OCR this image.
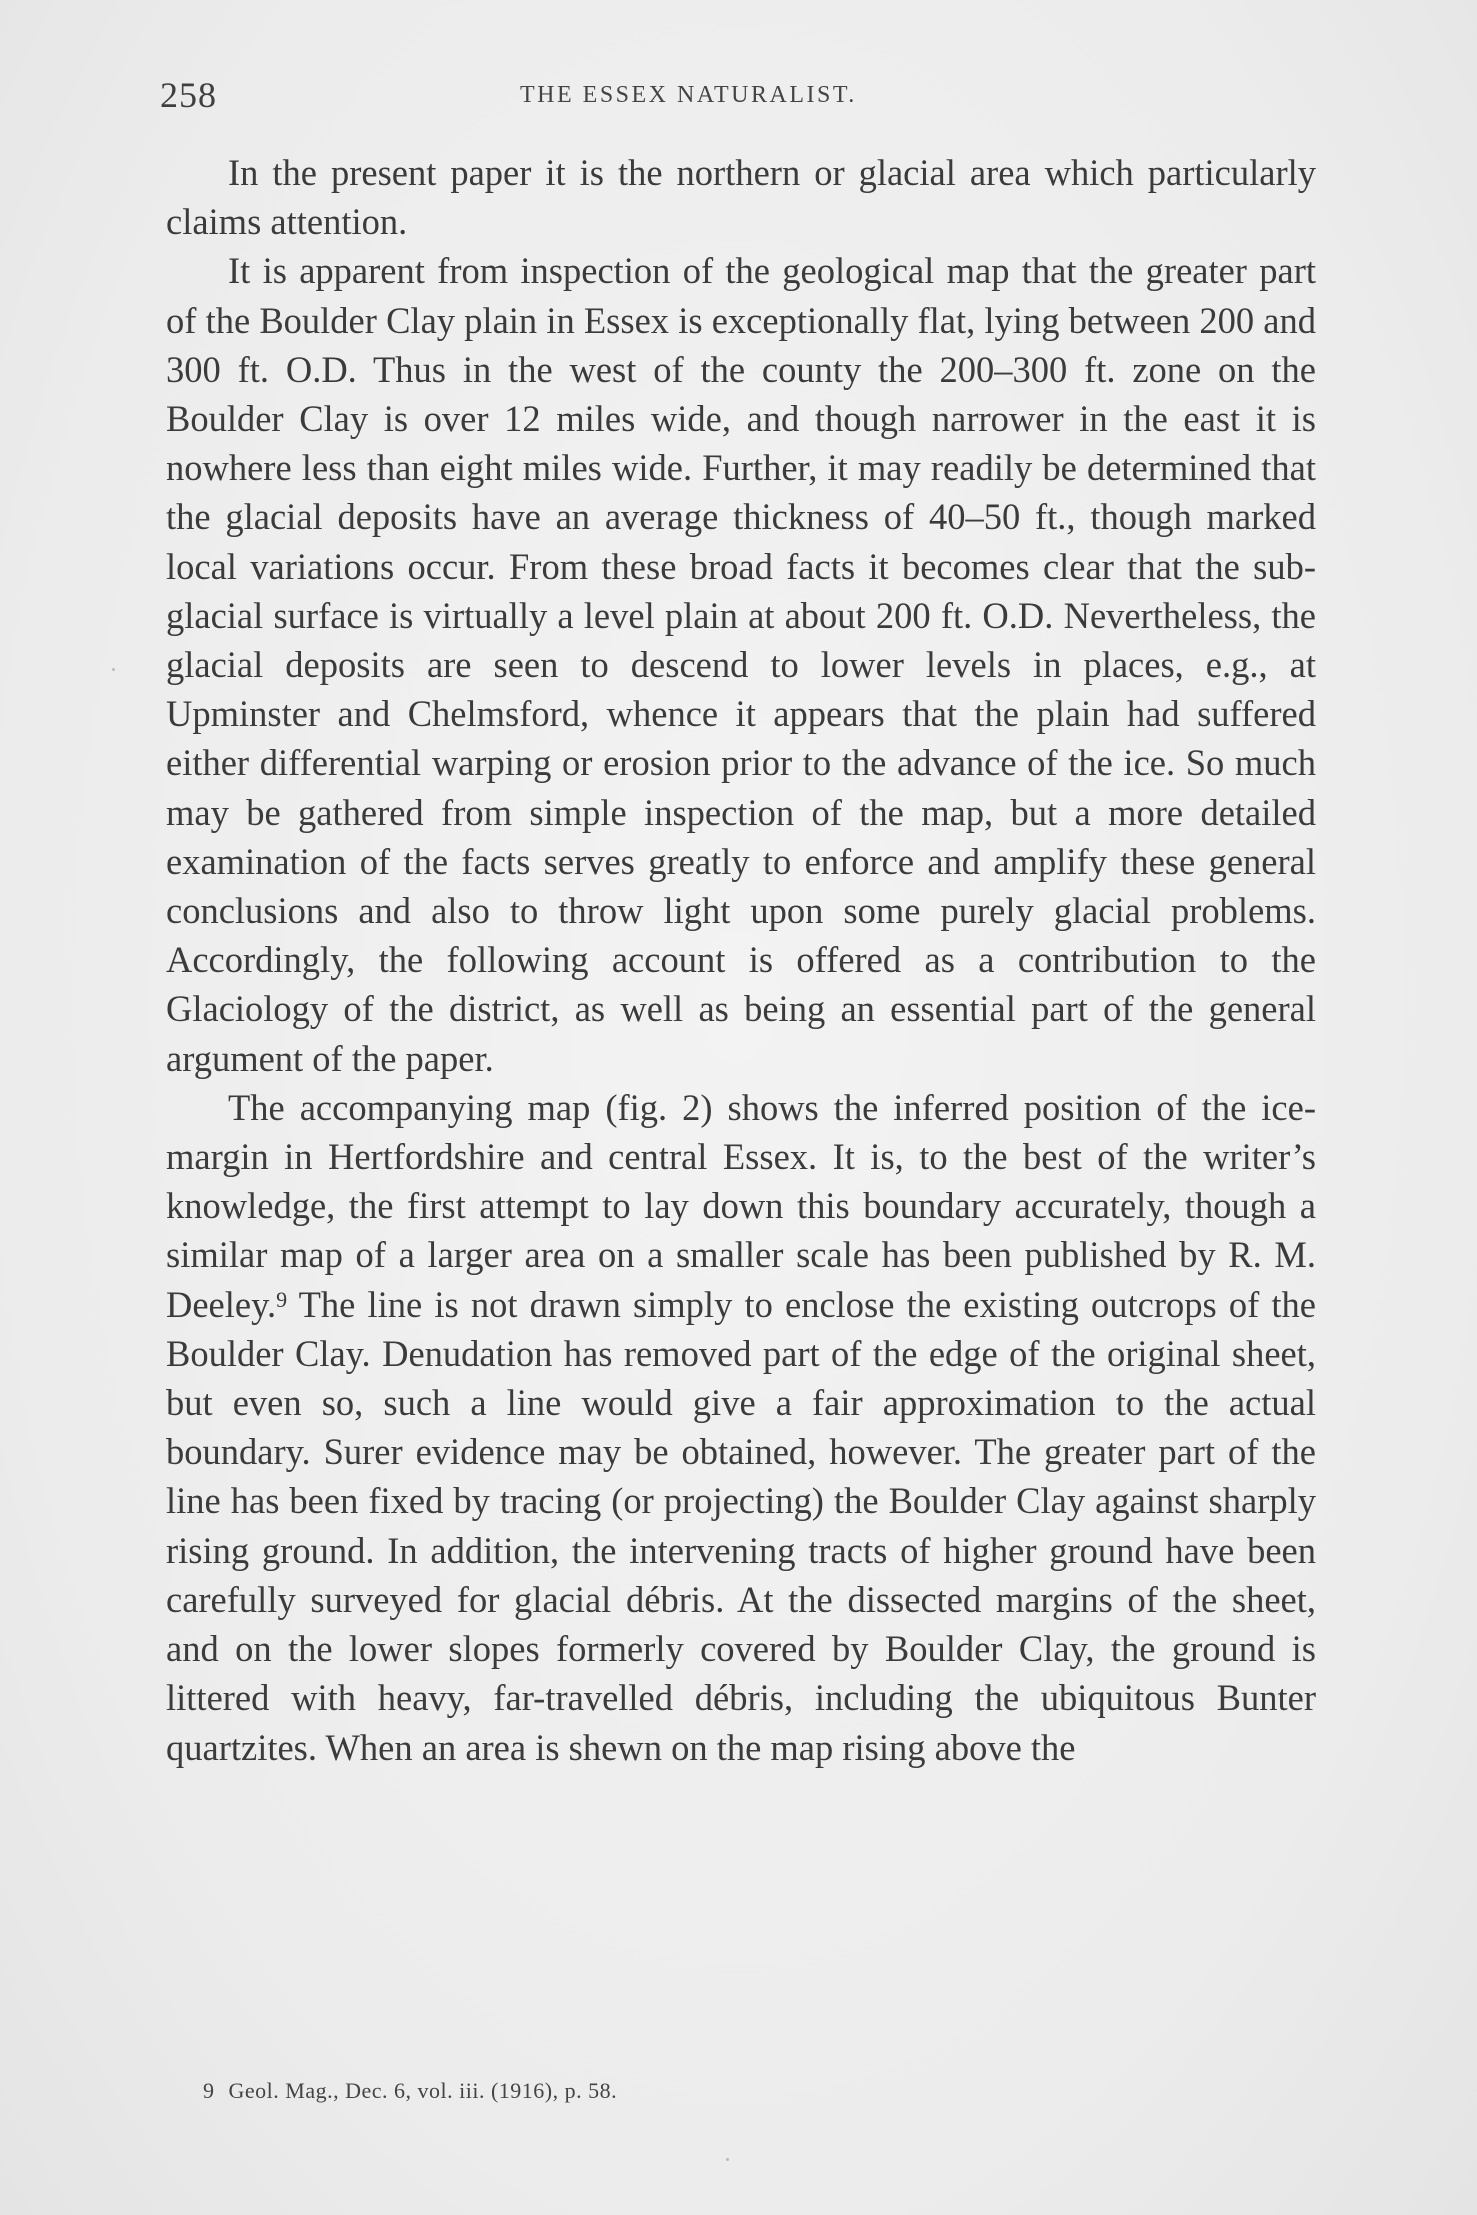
258	THE ESSEX NATURALIST.

In the present paper it is the northern or glacial area which particularly claims attention.

It is apparent from inspection of the geological map that the greater part of the Boulder Clay plain in Essex is exceptionally flat, lying between 200 and 300 ft. O.D. Thus in the west of the county the 200–300 ft. zone on the Boulder Clay is over 12 miles wide, and though narrower in the east it is nowhere less than eight miles wide. Further, it may readily be determined that the glacial deposits have an average thickness of 40–50 ft., though marked local variations occur. From these broad facts it becomes clear that the sub-glacial surface is virtually a level plain at about 200 ft. O.D. Nevertheless, the glacial deposits are seen to descend to lower levels in places, e.g., at Upminster and Chelmsford, whence it appears that the plain had suffered either differential warping or erosion prior to the advance of the ice. So much may be gathered from simple inspection of the map, but a more detailed examination of the facts serves greatly to enforce and amplify these general conclusions and also to throw light upon some purely glacial problems. Accordingly, the following account is offered as a contribution to the Glaciology of the district, as well as being an essential part of the general argument of the paper.

The accompanying map (fig. 2) shows the inferred position of the ice-margin in Hertfordshire and central Essex. It is, to the best of the writer’s knowledge, the first attempt to lay down this boundary accurately, though a similar map of a larger area on a smaller scale has been published by R. M. Deeley.$^9$ The line is not drawn simply to enclose the existing outcrops of the Boulder Clay. Denudation has removed part of the edge of the original sheet, but even so, such a line would give a fair approximation to the actual boundary. Surer evidence may be obtained, however. The greater part of the line has been fixed by tracing (or projecting) the Boulder Clay against sharply rising ground. In addition, the intervening tracts of higher ground have been carefully surveyed for glacial débris. At the dissected margins of the sheet, and on the lower slopes formerly covered by Boulder Clay, the ground is littered with heavy, far-travelled débris, including the ubiquitous Bunter quartzites. When an area is shewn on the map rising above the

9 Geol. Mag., Dec. 6, vol. iii. (1916), p. 58.
